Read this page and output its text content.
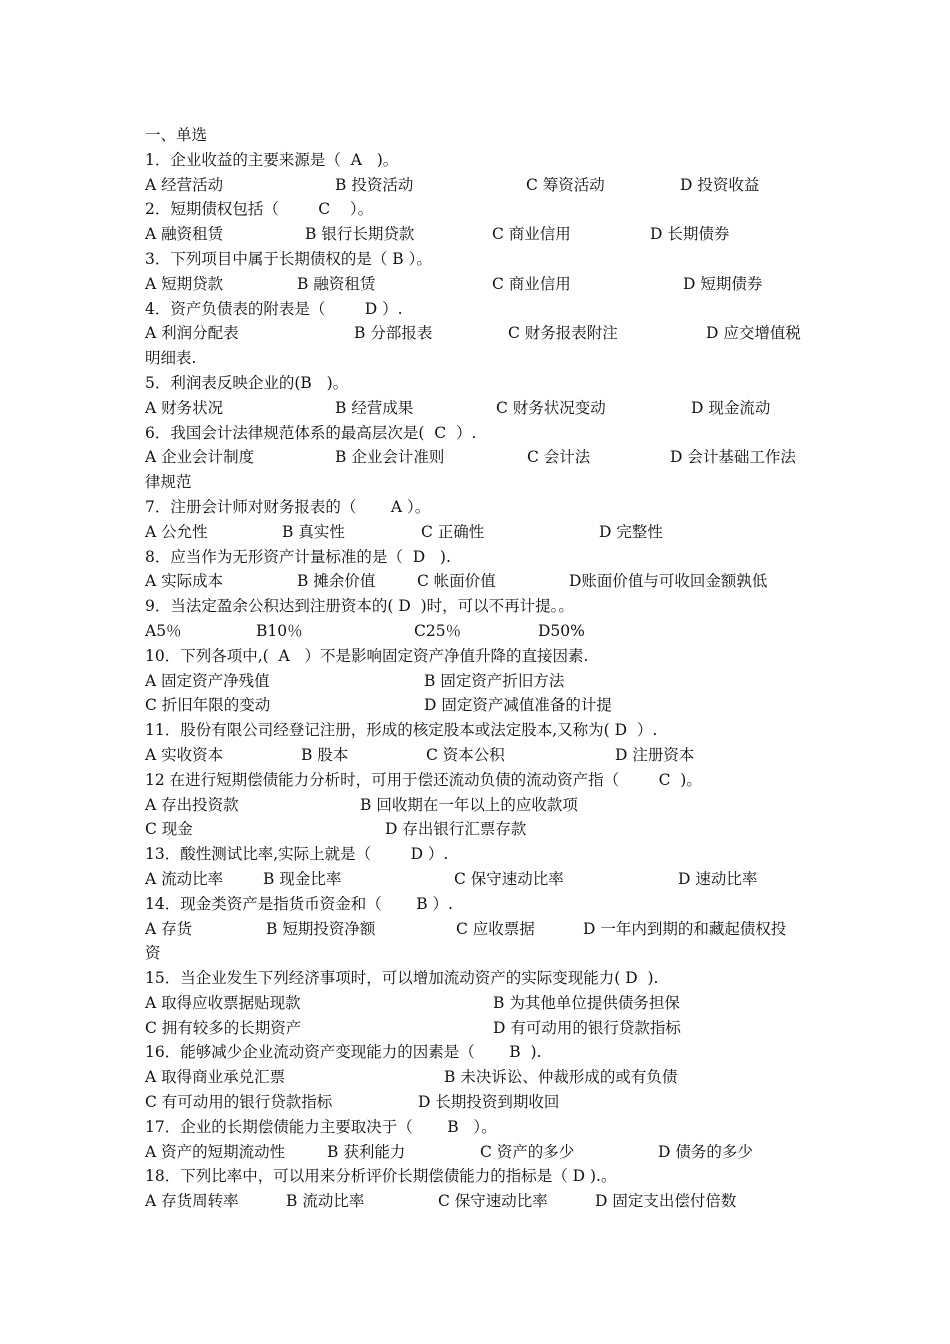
一、单选
1．企业收益的主要来源是（  A   )。
A 经营活动	B 投资活动	C 筹资活动	D 投资收益
2．短期债权包括（        C    ）。
A 融资租赁	B 银行长期贷款	C 商业信用	D 长期债券
3．下列项目中属于长期债权的是（ B ）。
A 短期贷款	B 融资租赁	C 商业信用	D 短期债券
4．资产负债表的附表是（        D ）.
A 利润分配表	B 分部报表	C 财务报表附注	D 应交增值税
明细表.
5．利润表反映企业的(B   )。
A 财务状况	B 经营成果	C 财务状况变动	D 现金流动
6．我国会计法律规范体系的最高层次是(  C  ）.
A 企业会计制度	B 企业会计准则	C 会计法	D 会计基础工作法
律规范
7．注册会计师对财务报表的（       A ）。
A 公允性	B 真实性	C 正确性	D 完整性
8．应当作为无形资产计量标准的是（  D   ).
A 实际成本	B 摊余价值	C 帐面价值	D账面价值与可收回金额孰低
9．当法定盈余公积达到注册资本的( D  )时，可以不再计提。。
A5％	B10％	C25％	D50%
10．下列各项中,(  A   ）不是影响固定资产净值升降的直接因素.
A 固定资产净残值	B 固定资产折旧方法
C 折旧年限的变动	D 固定资产减值准备的计提
11．股份有限公司经登记注册，形成的核定股本或法定股本,又称为( D  ）.
A 实收资本	B 股本	C 资本公积	D 注册资本
12 在进行短期偿债能力分析时，可用于偿还流动负债的流动资产指（        C  )。
A 存出投资款	B 回收期在一年以上的应收款项
C 现金	D 存出银行汇票存款
13．酸性测试比率,实际上就是（        D ）.
A 流动比率	B 现金比率	C 保守速动比率	D 速动比率
14．现金类资产是指货币资金和（       B ）.
A 存货	B 短期投资净额	C 应收票据	D 一年内到期的和藏起债权投
资
15．当企业发生下列经济事项时，可以增加流动资产的实际变现能力( D  ).
A 取得应收票据贴现款	B 为其他单位提供债务担保
C 拥有较多的长期资产	D 有可动用的银行贷款指标
16．能够减少企业流动资产变现能力的因素是（       B  ).
A 取得商业承兑汇票	B 未决诉讼、仲裁形成的或有负债
C 有可动用的银行贷款指标	D 长期投资到期收回
17．企业的长期偿债能力主要取决于（       B   ）。
A 资产的短期流动性	B 获利能力	C 资产的多少	D 债务的多少
18．下列比率中，可以用来分析评价长期偿债能力的指标是（ D ).。
A 存货周转率	B 流动比率	C 保守速动比率	D 固定支出偿付倍数
